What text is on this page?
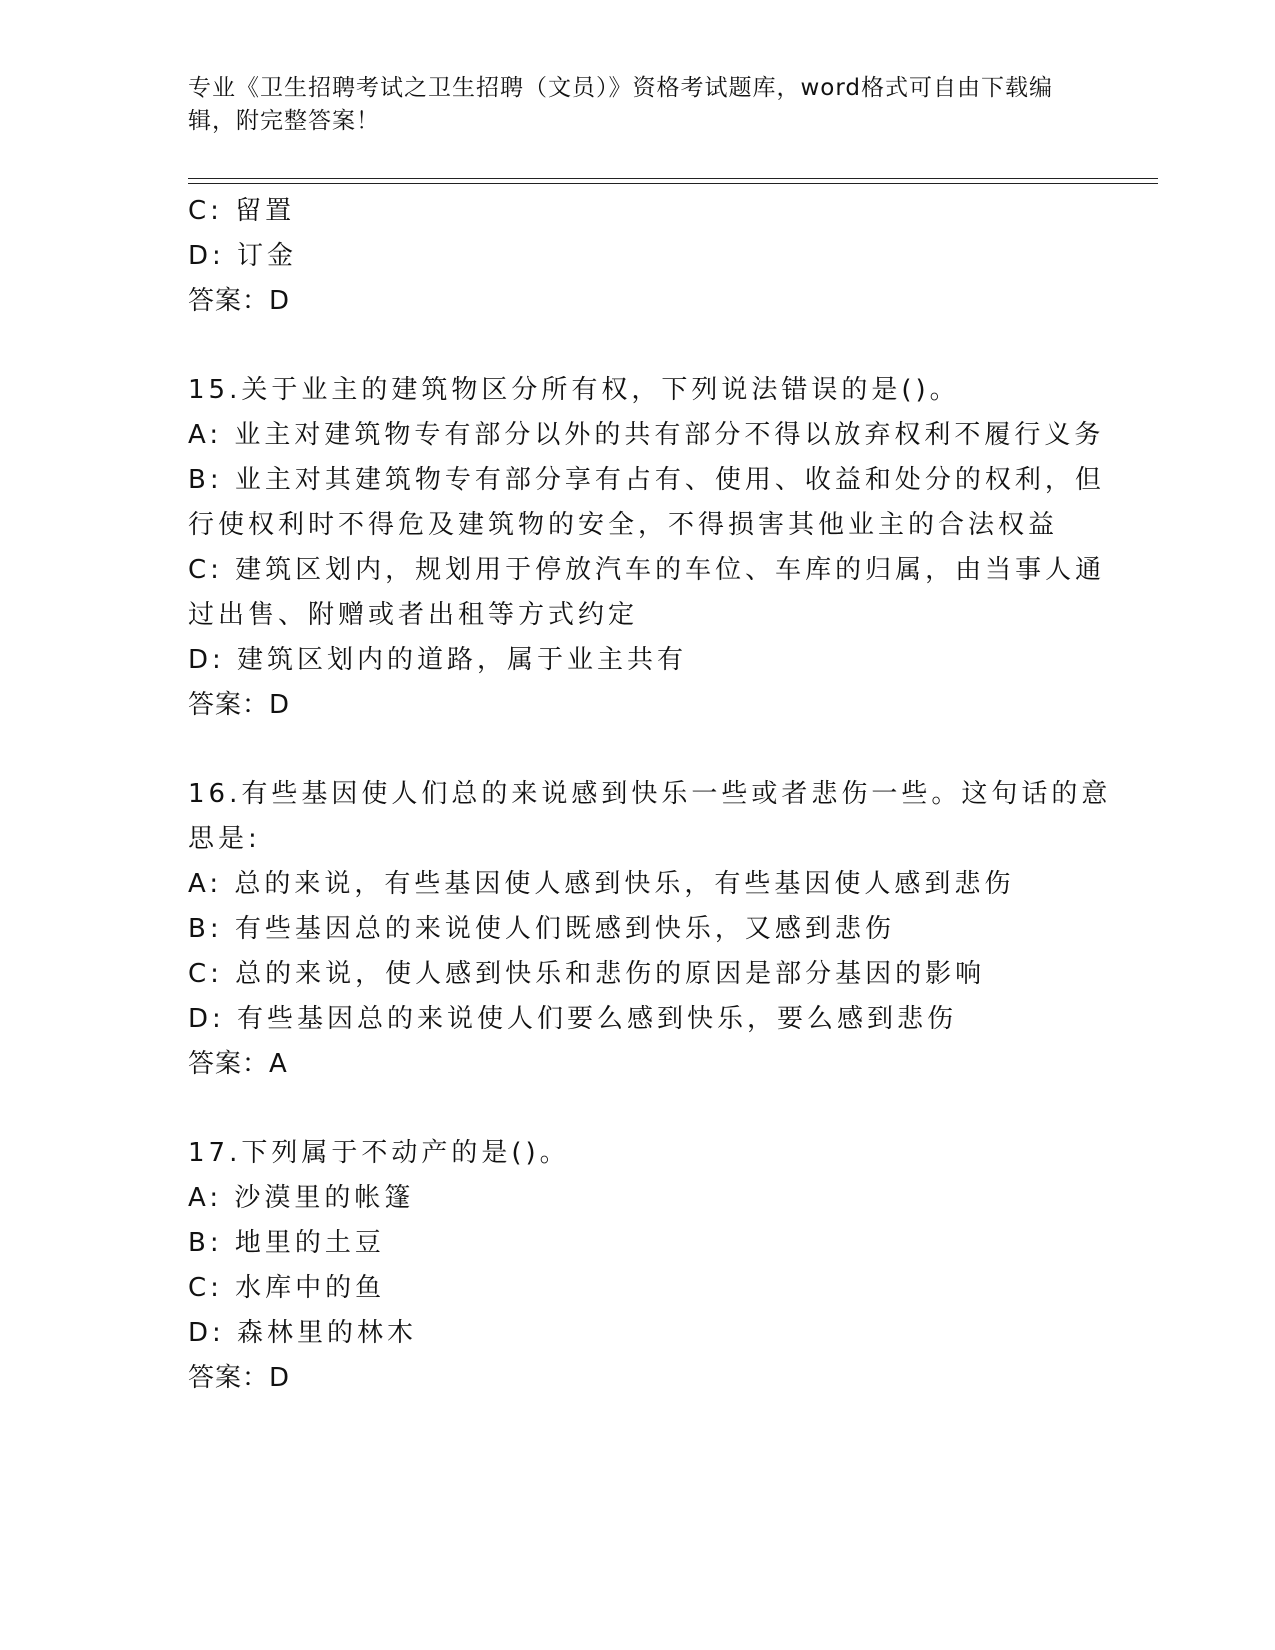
专业《卫生招聘考试之卫生招聘（文员）》资格考试题库，word格式可自由下载编辑，附完整答案！
C: 留置
D: 订金
答案：D
15.关于业主的建筑物区分所有权，下列说法错误的是()。
A: 业主对建筑物专有部分以外的共有部分不得以放弃权利不履行义务
B: 业主对其建筑物专有部分享有占有、使用、收益和处分的权利，但
行使权利时不得危及建筑物的安全，不得损害其他业主的合法权益
C: 建筑区划内，规划用于停放汽车的车位、车库的归属，由当事人通
过出售、附赠或者出租等方式约定
D: 建筑区划内的道路，属于业主共有
答案：D
16.有些基因使人们总的来说感到快乐一些或者悲伤一些。这句话的意
思是:
A: 总的来说，有些基因使人感到快乐，有些基因使人感到悲伤
B: 有些基因总的来说使人们既感到快乐，又感到悲伤
C: 总的来说，使人感到快乐和悲伤的原因是部分基因的影响
D: 有些基因总的来说使人们要么感到快乐，要么感到悲伤
答案：A
17.下列属于不动产的是()。
A: 沙漠里的帐篷
B: 地里的土豆
C: 水库中的鱼
D: 森林里的林木
答案：D
